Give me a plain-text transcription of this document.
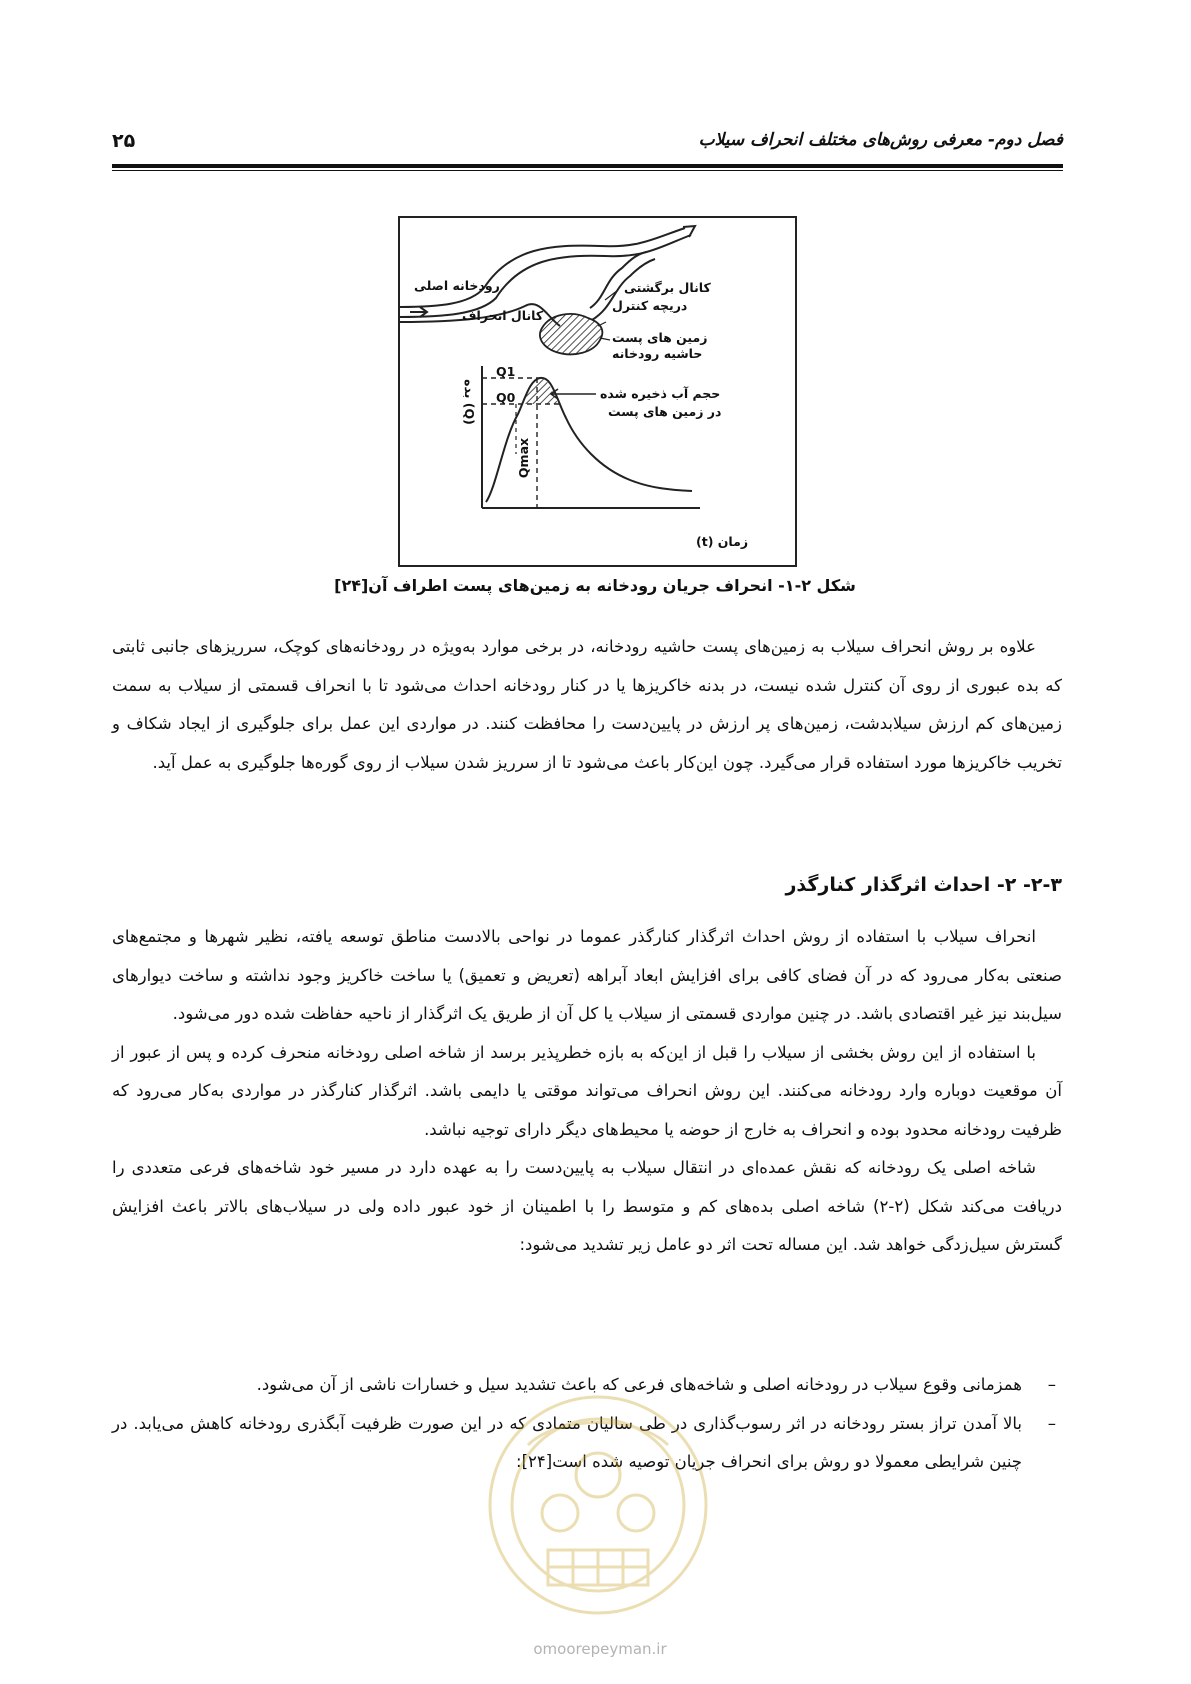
۲۵	فصل دوم- معرفی روش‌های مختلف انحراف سیلاب
رودخانه اصلی	کانال برگشتی
کانال انحراف
دریچه کنترل
زمین های پست
حاشیه رودخانه
حجم آب ذخیره شده
در زمین های پست
Q1
Q0
Qmax
(Q) بده
زمان (t)
شکل ۲-۱- انحراف جریان رودخانه به زمین‌های پست اطراف آن[۲۴]

علاوه بر روش انحراف سیلاب به زمین‌های پست حاشیه رودخانه، در برخی موارد به‌ویژه در رودخانه‌های کوچک، سرریزهای جانبی ثابتی که بده عبوری از روی آن کنترل شده نیست، در بدنه خاکریزها یا در کنار رودخانه احداث می‌شود تا با انحراف قسمتی از سیلاب به سمت زمین‌های کم ارزش سیلابدشت، زمین‌های پر ارزش در پایین‌دست را محافظت کنند. در مواردی این عمل برای جلوگیری از ایجاد شکاف و تخریب خاکریزها مورد استفاده قرار می‌گیرد. چون این‌کار باعث می‌شود تا از سرریز شدن سیلاب از روی گوره‌ها جلوگیری به عمل آید.

۲-۳- ۲- احداث اثرگذار کنارگذر

انحراف سیلاب با استفاده از روش احداث اثرگذار کنارگذر عموما در نواحی بالادست مناطق توسعه یافته، نظیر شهرها و مجتمع‌های صنعتی به‌کار می‌رود که در آن فضای کافی برای افزایش ابعاد آبراهه (تعریض و تعمیق) یا ساخت خاکریز وجود نداشته و ساخت دیوارهای سیل‌بند نیز غیر اقتصادی باشد. در چنین مواردی قسمتی از سیلاب یا کل آن از طریق یک اثرگذار از ناحیه حفاظت شده دور می‌شود.

با استفاده از این روش بخشی از سیلاب را قبل از این‌که به بازه خطرپذیر برسد از شاخه اصلی رودخانه منحرف کرده و پس از عبور از آن موقعیت دوباره وارد رودخانه می‌کنند. این روش انحراف می‌تواند موقتی یا دایمی باشد. اثرگذار کنارگذر در مواردی به‌کار می‌رود که ظرفیت رودخانه محدود بوده و انحراف به خارج از حوضه یا محیط‌های دیگر دارای توجیه نباشد.

شاخه اصلی یک رودخانه که نقش عمده‌ای در انتقال سیلاب به پایین‌دست را به عهده دارد در مسیر خود شاخه‌های فرعی متعددی را دریافت می‌کند شکل (۲-۲) شاخه اصلی بده‌های کم و متوسط را با اطمینان از خود عبور داده ولی در سیلاب‌های بالاتر باعث افزایش گسترش سیل‌زدگی خواهد شد. این مساله تحت اثر دو عامل زیر تشدید می‌شود:

–
همزمانی وقوع سیلاب در رودخانه اصلی و شاخه‌های فرعی که باعث تشدید سیل و خسارات ناشی از آن می‌شود.
–
بالا آمدن تراز بستر رودخانه در اثر رسوب‌گذاری در طی سالیان متمادی که در این صورت ظرفیت آبگذری رودخانه کاهش می‌یابد. در چنین شرایطی معمولا دو روش برای انحراف جریان توصیه شده است[۲۴]:
omoorepeyman.ir
